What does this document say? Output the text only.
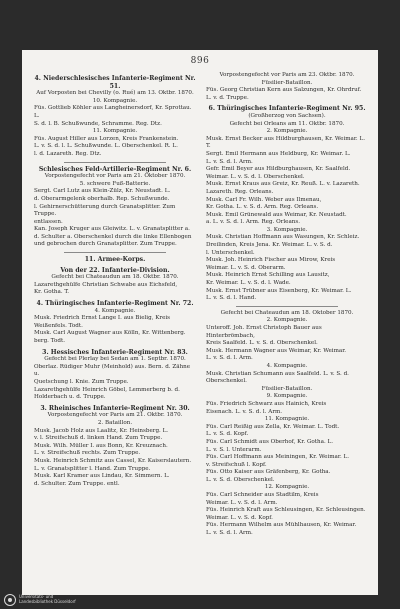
896
4. Niederschlesisches Infanterie-Regiment Nr. 51.
Auf Vorposten bei Chevilly (o. Rué) am 13. Oktbr. 1870.
10. Kompagnie.
Füs. Gottlieb Köhler aus Langheinersdorf, Kr. Sprottau. L.
S. d. l. B. Schußwunde, Schramme. Reg. Dtz.
11. Kompagnie.
Füs. August Hiller aus Lorzen, Kreis Frankenstein.
L. v. S. d. l. L. Schußwunde. L. Oberschenkel. R. L.
l. d. Lazareth. Reg. Dtz.
Schlesisches Feld-Artillerie-Regiment Nr. 6.
Vorpostengefecht vor Paris am 21. Oktober 1870.
5. schwere Fuß-Batterie.
Sergt. Carl Lutz aus Klein-Zülz, Kr. Neustadt. L.
d. Oberarmgelenk oberhalb. Rep. Schußwunde.
l. Gehirnerschütterung durch Granatsplitter. Zum Truppe.
entlassen.
Kan. Joseph Kruger aus Gleiwitz. L. v. Granatsplitter a.
d. Schulter a. Oberschenkel durch die linke Ellenbogen
und gebrochen durch Granatsplitter. Zum Truppe.
11. Armee-Korps.
Von der 22. Infanterie-Division.
Gefecht bei Chateaudun am 18. Oktbr. 1870.
Lazarethgehülfe Christian Schwabe aus Eichsfeld,
Kr. Gotha. T.
4. Thüringisches Infanterie-Regiment Nr. 72.
4. Kompagnie.
Musk. Friedrich Ernst Lange I. aus Bielig, Kreis
Weißenfels. Todt.
Musk. Carl August Wagner aus Kölln, Kr. Wittenberg.
berg. Todt.
3. Hessisches Infanterie-Regiment Nr. 83.
Gefecht bei Plerlay bei Sedan am 1. Septbr. 1870.
Oberlaz. Rüdiger Muhr (Meinhold) aus. Bern. d. Zähne u.
Quetschung l. Knie. Zum Truppe.
Lazarethgehülfe Heinrich Göbel, Lemmerberg b. d.
Holderbach u. d. Truppe.
3. Rheinisches Infanterie-Regiment Nr. 30.
Vorpostengefecht vor Paris am 21. Oktbr. 1870.
2. Bataillon.
Musk. Jacob Holz aus Laalitz, Kr. Heinsberg. L.
v. l. Streifschuß d. linken Hand. Zum Truppe.
Musk. Wilh. Müller I. aus Bonn, Kr. Kreuznach.
L. v. Streifschuß rechts. Zum Truppe.
Musk. Heinrich Schmitz aus Cassel, Kr. Kaiserslautern.
L. v. Granatsplitter l. Hand. Zum Truppe.
Musk. Karl Kramer aus Lindau, Kr. Simmern. L.
d. Schulter. Zum Truppe. entl.
Vorpostengefecht vor Paris am 23. Oktbr. 1870.
Füsilier-Bataillon.
Füs. Georg Christian Kern aus Salzungen, Kr. Ohrdruf.
L. v. d. Truppe.
6. Thüringisches Infanterie-Regiment Nr. 95.
(Großherzog von Sachsen).
Gefecht bei Orleans am 11. Oktbr. 1870.
2. Kompagnie.
Musk. Ernst Becker aus Hildburghausen, Kr. Weimar. L. T.
Sergt. Emil Hermann aus Heldburg, Kr. Weimar. L.
L. v. S. d. l. Arm.
Gefr. Emil Beyer aus Hildburghausen, Kr. Saalfeld.
Weimar. L. v. S. d. l. Oberschenkel.
Musk. Ernst Kraus aus Greiz, Kr. Reuß. L. v. Lazareth.
Lazareth. Reg. Orleans.
Musk. Carl Fr. Wilh. Weber aus Ilmenau,
Kr. Gotha. L. v. S. d. Arm. Reg. Orleans.
Musk. Emil Grünewald aus Weimar, Kr. Neustadt.
a. L. v. S. d. l. Arm. Reg. Orleans.
3. Kompagnie.
Musk. Christian Hoffmann aus Wasungen, Kr. Schleiz.
Dreilinden, Kreis Jena. Kr. Weimar. L. v. S. d.
l. Unterschenkel.
Musk. Joh. Heinrich Fischer aus Mirow, Kreis
Weimar. L. v. S. d. Oberarm.
Musk. Heinrich Ernst Schilling aus Lausitz,
Kr. Weimar. L. v. S. d. l. Wade.
Musk. Ernst Trübner aus Eisenberg, Kr. Weimar. L.
L. v. S. d. l. Hand.
Gefecht bei Chateaudun am 18. Oktober 1870.
2. Kompagnie.
Unteroff. Joh. Ernst Christoph Bauer aus Hinterbrömbach,
Kreis Saalfeld. L. v. S. d. Oberschenkel.
Musk. Hermann Wagner aus Weimar, Kr. Weimar.
L. v. S. d. l. Arm.
4. Kompagnie.
Musk. Christian Schumann aus Saalfeld. L. v. S. d. Oberschenkel.
Füsilier-Bataillon.
9. Kompagnie.
Füs. Friedrich Schwarz aus Hainich, Kreis
Eisenach. L. v. S. d. l. Arm.
11. Kompagnie.
Füs. Carl Reißig aus Zella, Kr. Weimar. L. Todt.
L. v. S. d. Kopf.
Füs. Carl Schmidt aus Oberhof, Kr. Gotha. L.
L. v. S. l. Unterarm.
Füs. Carl Hoffmann aus Meiningen, Kr. Weimar. L.
v. Streifschuß l. Kopf.
Füs. Otto Kaiser aus Gräfenberg, Kr. Gotha.
L. v. S. d. Oberschenkel.
12. Kompagnie.
Füs. Carl Schneider aus Stadtilm, Kreis
Weimar. L. v. S. d. l. Arm.
Füs. Heinrich Kraft aus Schleusingen, Kr. Schleusingen.
Weimar. L. v. S. d. Kopf.
Füs. Hermann Wilhelm aus Mühlhausen, Kr. Weimar.
L. v. S. d. l. Arm.
Universitäts- und
Landesbibliothek Düsseldorf
